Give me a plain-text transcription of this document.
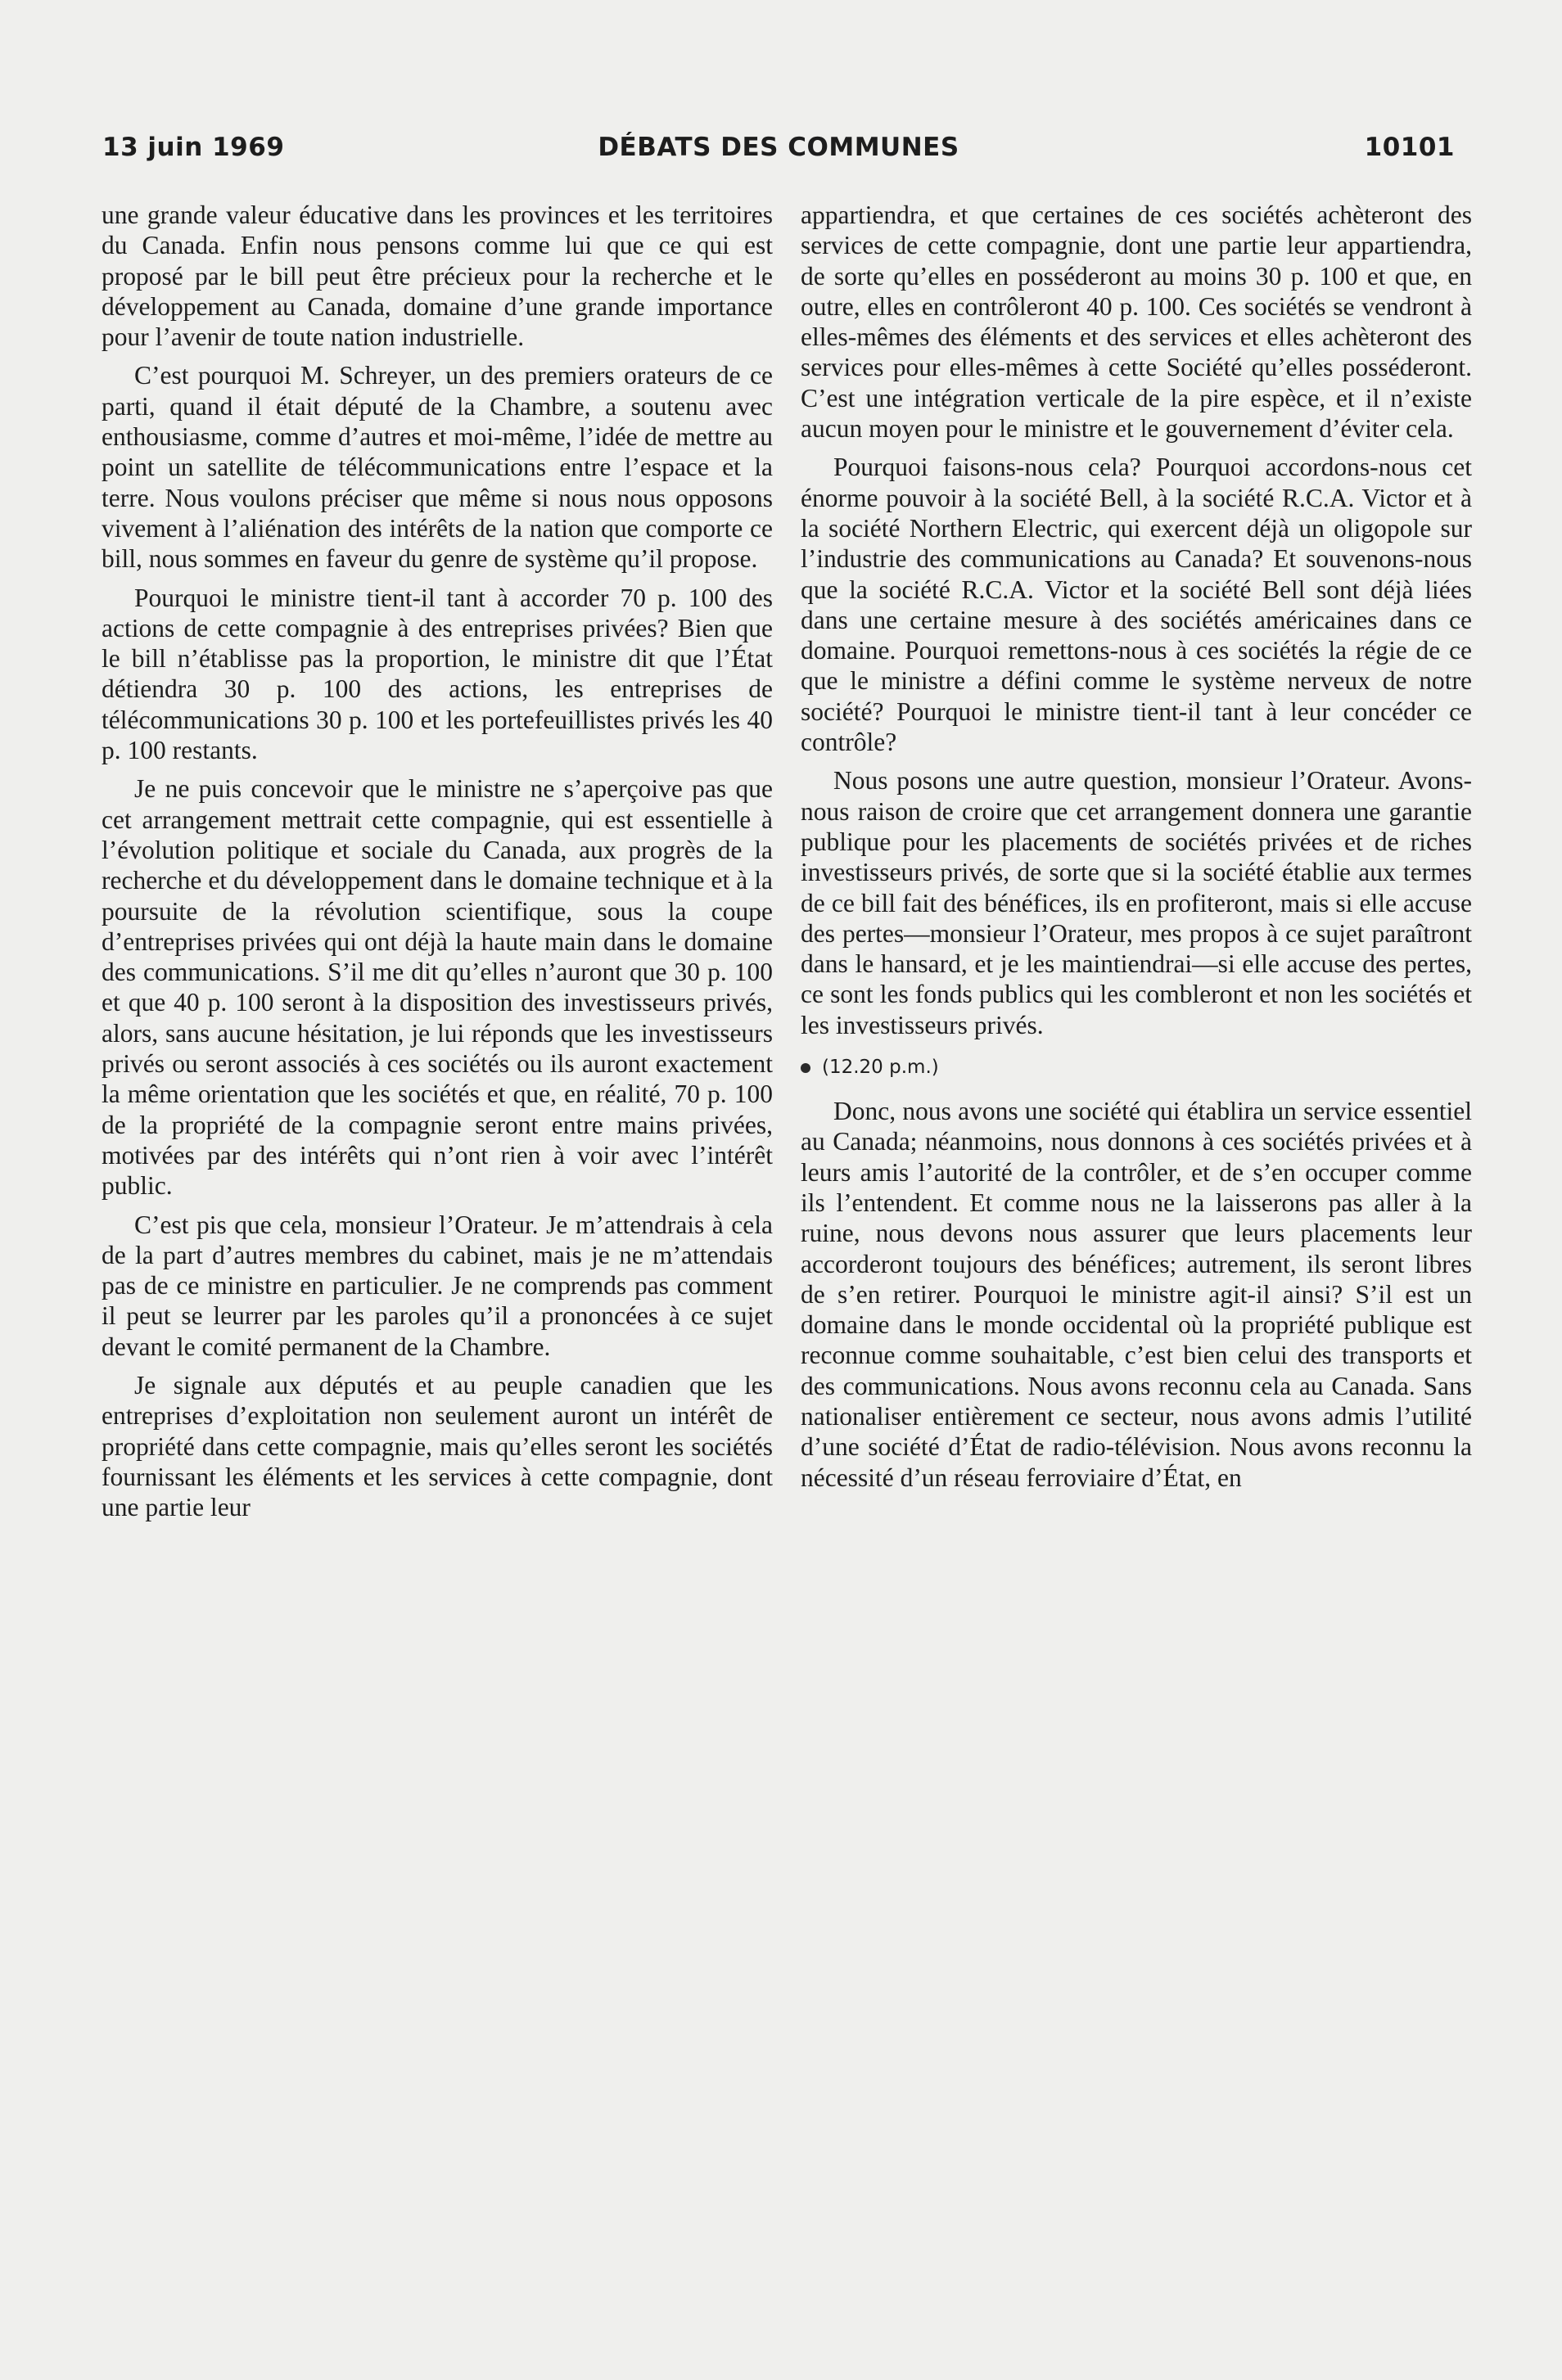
13 juin 1969	DÉBATS DES COMMUNES	10101

une grande valeur éducative dans les provinces et les territoires du Canada. Enfin nous pensons comme lui que ce qui est proposé par le bill peut être précieux pour la recherche et le développement au Canada, domaine d’une grande importance pour l’avenir de toute nation industrielle.

C’est pourquoi M. Schreyer, un des premiers orateurs de ce parti, quand il était député de la Chambre, a soutenu avec enthousiasme, comme d’autres et moi-même, l’idée de mettre au point un satellite de télécommunications entre l’espace et la terre. Nous voulons préciser que même si nous nous opposons vivement à l’aliénation des intérêts de la nation que comporte ce bill, nous sommes en faveur du genre de système qu’il propose.

Pourquoi le ministre tient-il tant à accorder 70 p. 100 des actions de cette compagnie à des entreprises privées? Bien que le bill n’établisse pas la proportion, le ministre dit que l’État détiendra 30 p. 100 des actions, les entreprises de télécommunications 30 p. 100 et les portefeuillistes privés les 40 p. 100 restants.

Je ne puis concevoir que le ministre ne s’aperçoive pas que cet arrangement mettrait cette compagnie, qui est essentielle à l’évolution politique et sociale du Canada, aux progrès de la recherche et du développement dans le domaine technique et à la poursuite de la révolution scientifique, sous la coupe d’entreprises privées qui ont déjà la haute main dans le domaine des communications. S’il me dit qu’elles n’auront que 30 p. 100 et que 40 p. 100 seront à la disposition des investisseurs privés, alors, sans aucune hésitation, je lui réponds que les investisseurs privés ou seront associés à ces sociétés ou ils auront exactement la même orientation que les sociétés et que, en réalité, 70 p. 100 de la propriété de la compagnie seront entre mains privées, motivées par des intérêts qui n’ont rien à voir avec l’intérêt public.

C’est pis que cela, monsieur l’Orateur. Je m’attendrais à cela de la part d’autres membres du cabinet, mais je ne m’attendais pas de ce ministre en particulier. Je ne comprends pas comment il peut se leurrer par les paroles qu’il a prononcées à ce sujet devant le comité permanent de la Chambre.

Je signale aux députés et au peuple canadien que les entreprises d’exploitation non seulement auront un intérêt de propriété dans cette compagnie, mais qu’elles seront les sociétés fournissant les éléments et les services à cette compagnie, dont une partie leur

appartiendra, et que certaines de ces sociétés achèteront des services de cette compagnie, dont une partie leur appartiendra, de sorte qu’elles en posséderont au moins 30 p. 100 et que, en outre, elles en contrôleront 40 p. 100. Ces sociétés se vendront à elles-mêmes des éléments et des services et elles achèteront des services pour elles-mêmes à cette Société qu’elles posséderont. C’est une intégration verticale de la pire espèce, et il n’existe aucun moyen pour le ministre et le gouvernement d’éviter cela.

Pourquoi faisons-nous cela? Pourquoi accordons-nous cet énorme pouvoir à la société Bell, à la société R.C.A. Victor et à la société Northern Electric, qui exercent déjà un oligopole sur l’industrie des communications au Canada? Et souvenons-nous que la société R.C.A. Victor et la société Bell sont déjà liées dans une certaine mesure à des sociétés américaines dans ce domaine. Pourquoi remettons-nous à ces sociétés la régie de ce que le ministre a défini comme le système nerveux de notre société? Pourquoi le ministre tient-il tant à leur concéder ce contrôle?

Nous posons une autre question, monsieur l’Orateur. Avons-nous raison de croire que cet arrangement donnera une garantie publique pour les placements de sociétés privées et de riches investisseurs privés, de sorte que si la société établie aux termes de ce bill fait des bénéfices, ils en profiteront, mais si elle accuse des pertes—monsieur l’Orateur, mes propos à ce sujet paraîtront dans le hansard, et je les maintiendrai—si elle accuse des pertes, ce sont les fonds publics qui les combleront et non les sociétés et les investisseurs privés.

(12.20 p.m.)

Donc, nous avons une société qui établira un service essentiel au Canada; néanmoins, nous donnons à ces sociétés privées et à leurs amis l’autorité de la contrôler, et de s’en occuper comme ils l’entendent. Et comme nous ne la laisserons pas aller à la ruine, nous devons nous assurer que leurs placements leur accorderont toujours des bénéfices; autrement, ils seront libres de s’en retirer. Pourquoi le ministre agit-il ainsi? S’il est un domaine dans le monde occidental où la propriété publique est reconnue comme souhaitable, c’est bien celui des transports et des communications. Nous avons reconnu cela au Canada. Sans nationaliser entièrement ce secteur, nous avons admis l’utilité d’une société d’État de radio-télévision. Nous avons reconnu la nécessité d’un réseau ferroviaire d’État, en
